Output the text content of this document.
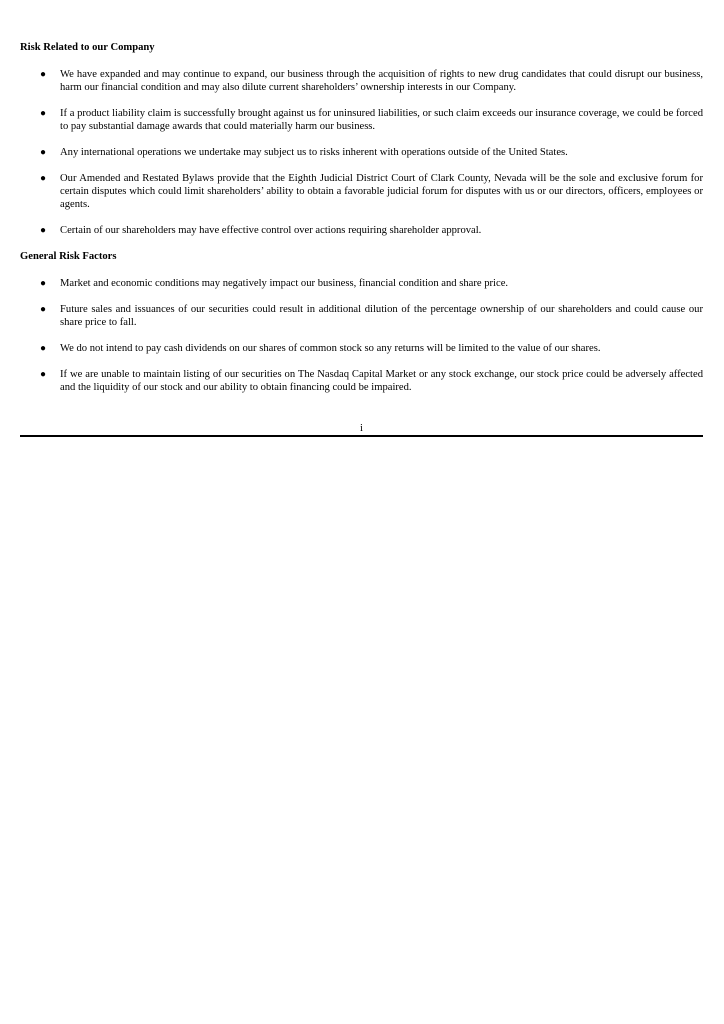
Risk Related to our Company

● We have expanded and may continue to expand, our business through the acquisition of rights to new drug candidates that could disrupt our business, harm our financial condition and may also dilute current shareholders’ ownership interests in our Company.
● If a product liability claim is successfully brought against us for uninsured liabilities, or such claim exceeds our insurance coverage, we could be forced to pay substantial damage awards that could materially harm our business.
● Any international operations we undertake may subject us to risks inherent with operations outside of the United States.
● Our Amended and Restated Bylaws provide that the Eighth Judicial District Court of Clark County, Nevada will be the sole and exclusive forum for certain disputes which could limit shareholders’ ability to obtain a favorable judicial forum for disputes with us or our directors, officers, employees or agents.
● Certain of our shareholders may have effective control over actions requiring shareholder approval.

General Risk Factors

● Market and economic conditions may negatively impact our business, financial condition and share price.
● Future sales and issuances of our securities could result in additional dilution of the percentage ownership of our shareholders and could cause our share price to fall.
● We do not intend to pay cash dividends on our shares of common stock so any returns will be limited to the value of our shares.
● If we are unable to maintain listing of our securities on The Nasdaq Capital Market or any stock exchange, our stock price could be adversely affected and the liquidity of our stock and our ability to obtain financing could be impaired.
i
